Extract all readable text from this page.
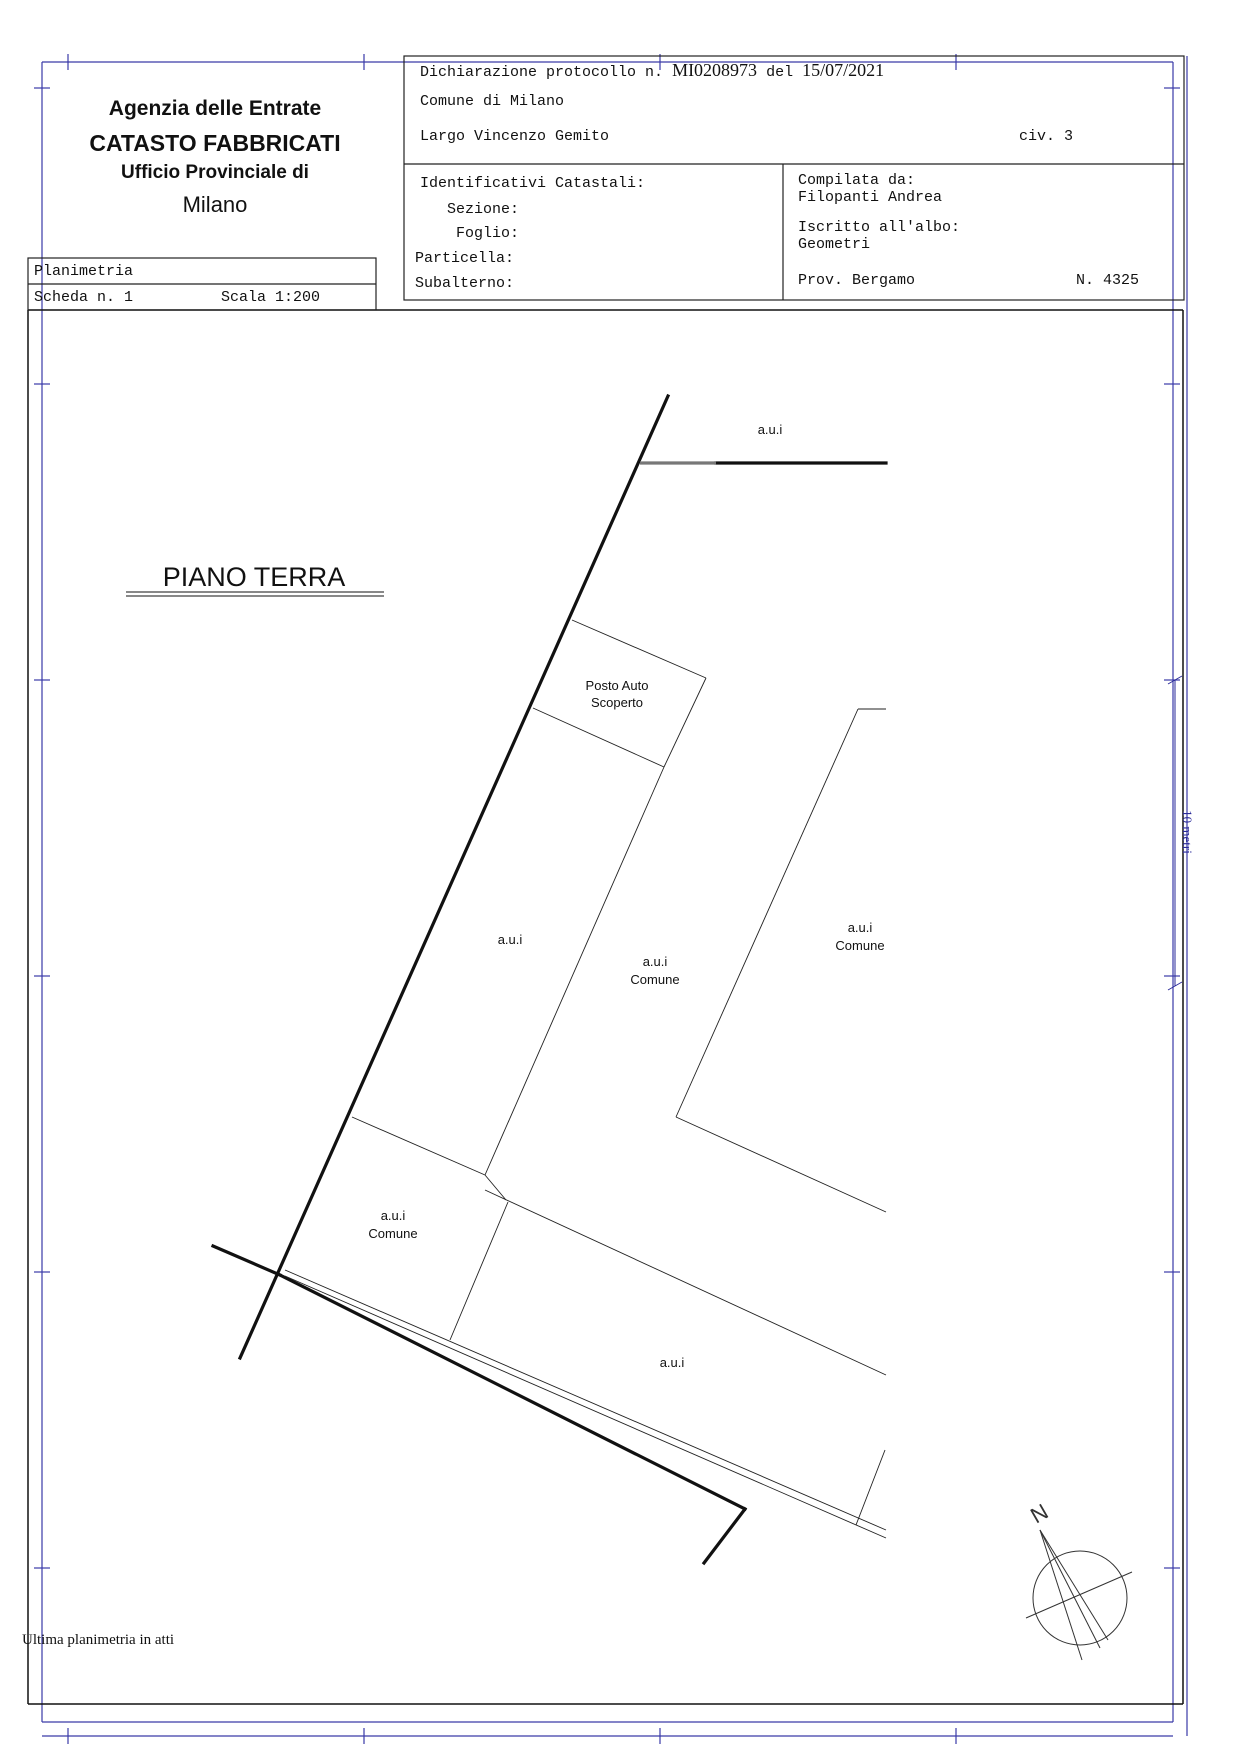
Agenzia delle Entrate
CATASTO FABBRICATI
Ufficio Provinciale di
Milano
Dichiarazione protocollo n. MI0208973 del 15/07/2021
Comune di Milano
Largo Vincenzo Gemito	civ. 3
Identificativi Catastali:
Sezione:
Foglio:
Particella:
Subalterno:
Compilata da:
Filopanti Andrea
Iscritto all'albo:
Geometri
Prov. Bergamo	N. 4325
Planimetria
Scheda n. 1	Scala 1:200
PIANO TERRA
a.u.i
Posto Auto
Scoperto
a.u.i
a.u.i
Comune
a.u.i
Comune
a.u.i
Comune
a.u.i
10 metri
N
Ultima planimetria in atti
